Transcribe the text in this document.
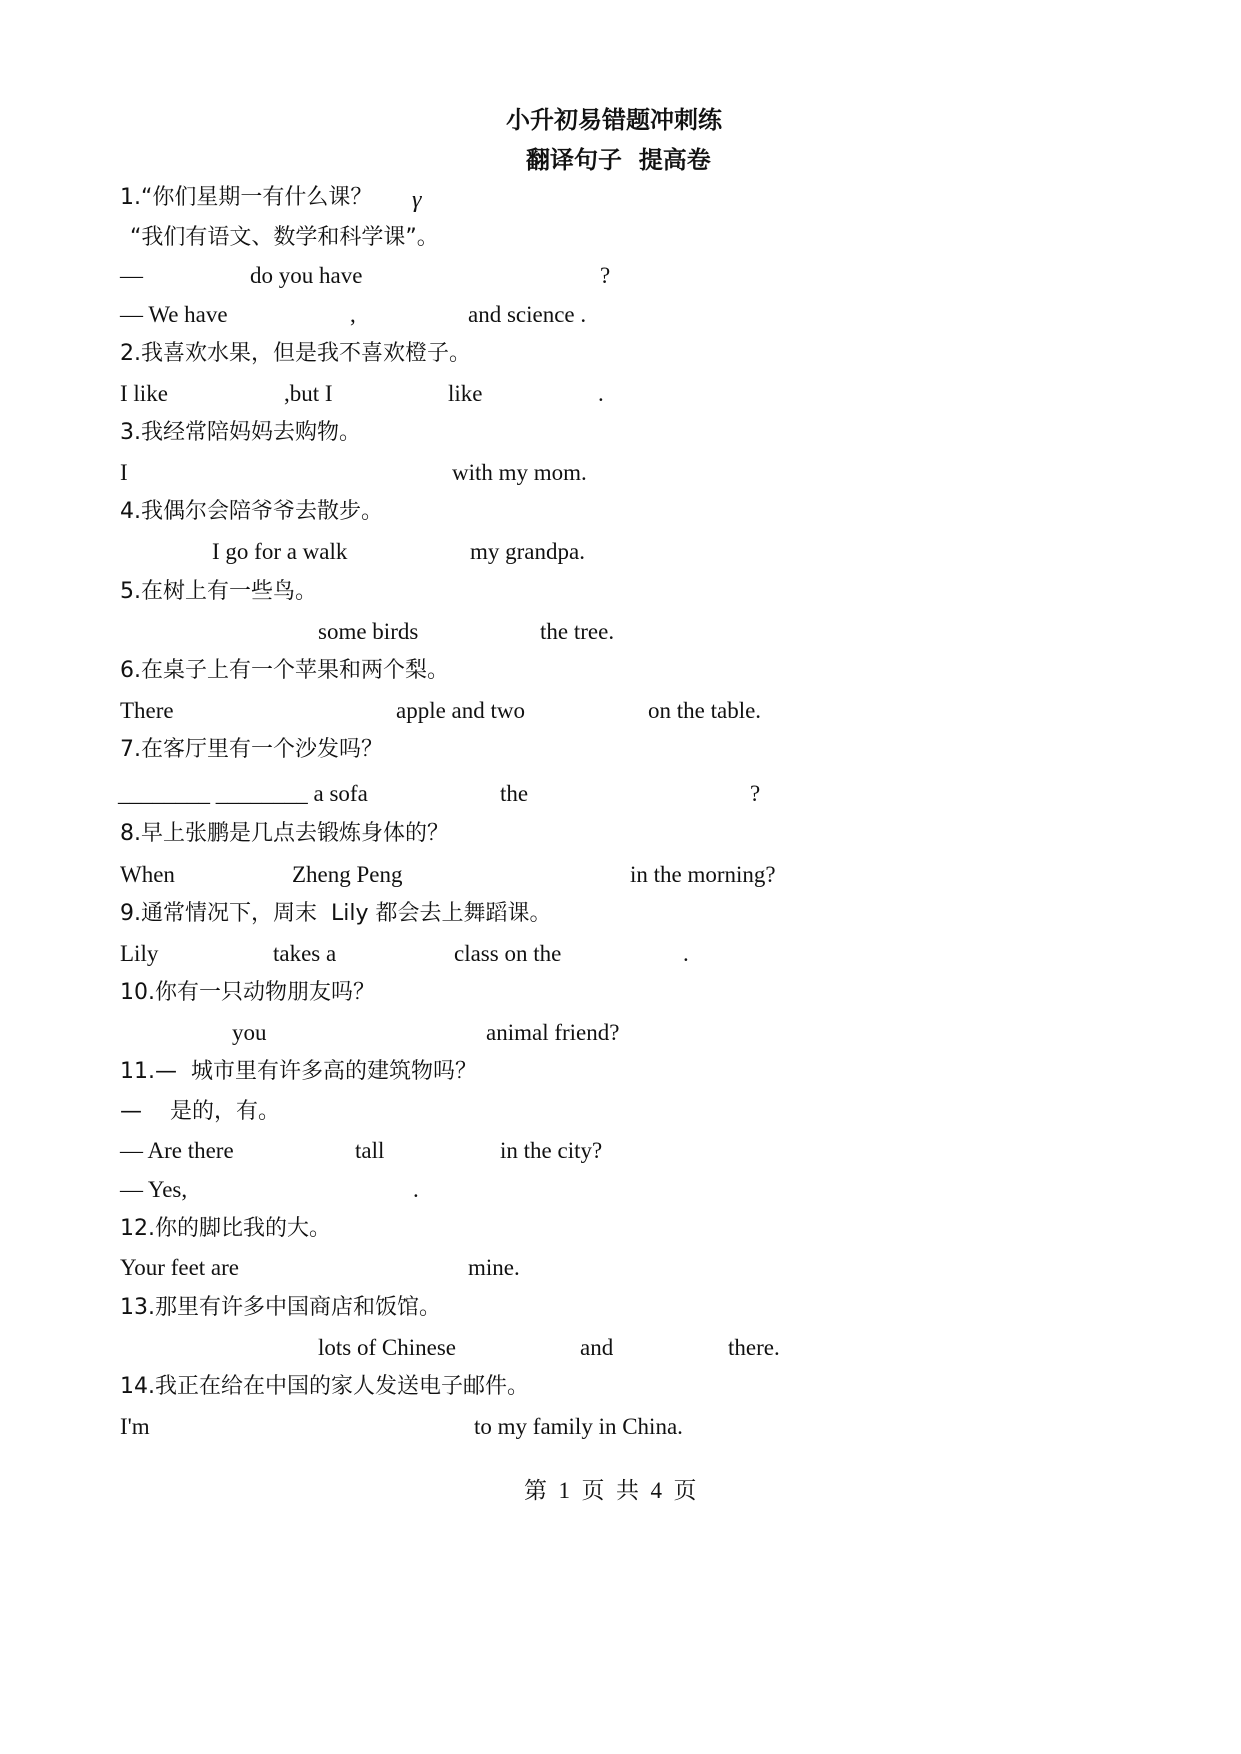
小升初易错题冲刺练
翻译句子  提高卷
1.“你们星期一有什么课？ γ
“我们有语文、数学和科学课”。
—	do you have	?
— We have	,	and science .
2.我喜欢水果，但是我不喜欢橙子。
I like	,but I	like	.
3.我经常陪妈妈去购物。
I	with my mom.
4.我偶尔会陪爷爷去散步。
I go for a walk	my grandpa.
5.在树上有一些鸟。
some birds	the tree.
6.在桌子上有一个苹果和两个梨。
There	apple and two	on the table.
7.在客厅里有一个沙发吗？
________ ________ a sofa	the	?
8.早上张鹏是几点去锻炼身体的？
When	Zheng Peng	in the morning?
9.通常情况下，周末  Lily 都会去上舞蹈课。
Lily	takes a	class on the	.
10.你有一只动物朋友吗？
you	animal friend?
11.—  城市里有许多高的建筑物吗？
—    是的，有。
— Are there	tall	in the city?
— Yes,	.
12.你的脚比我的大。
Your feet are	mine.
13.那里有许多中国商店和饭馆。
lots of Chinese	and	there.
14.我正在给在中国的家人发送电子邮件。
I'm	to my family in China.
第  1  页  共  4  页
